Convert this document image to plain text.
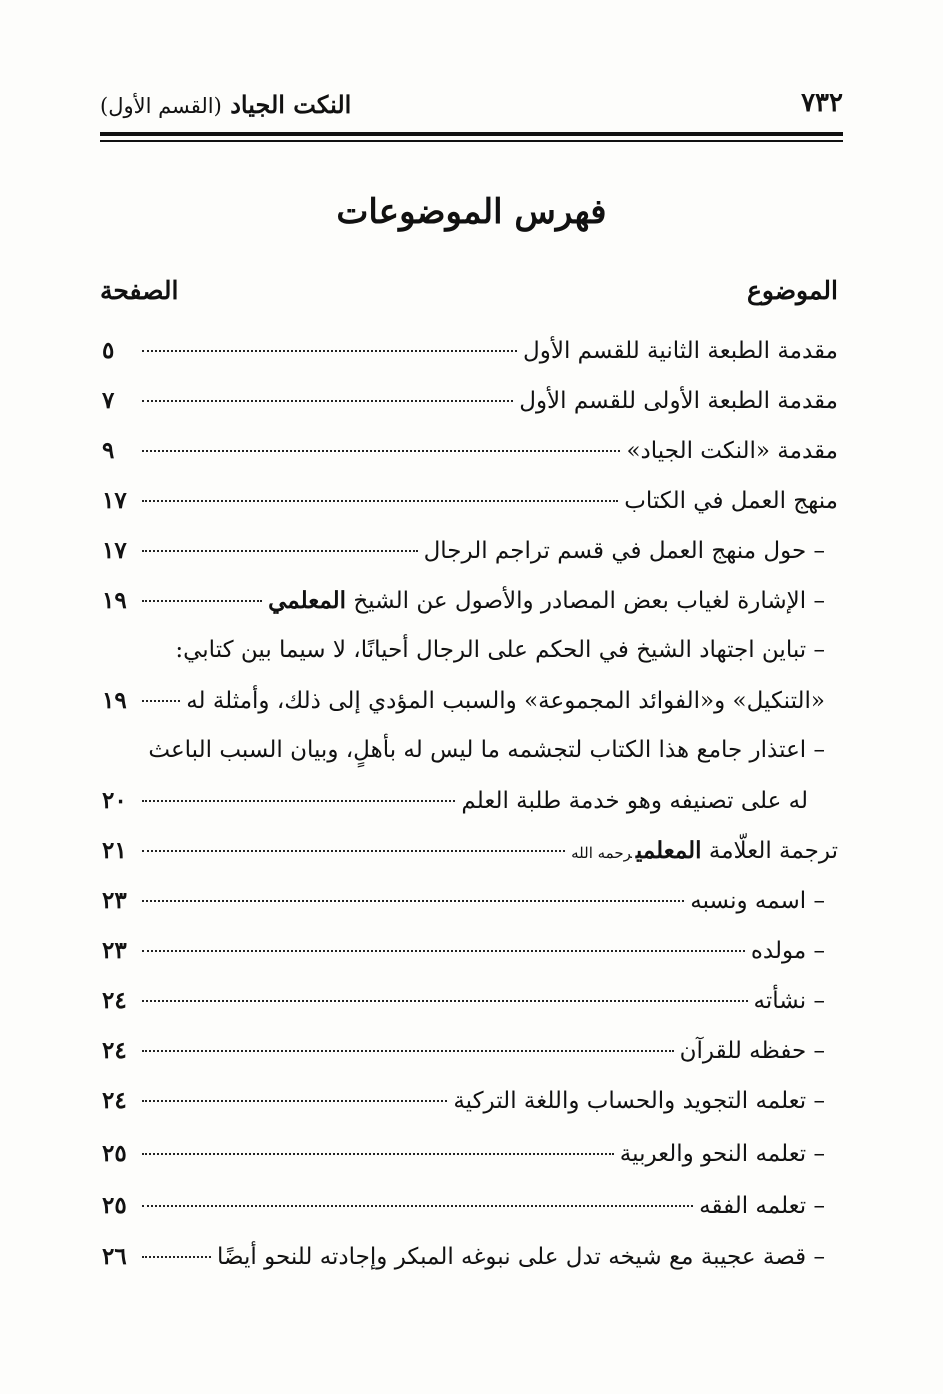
٧٣٢
النكت الجياد (القسم الأول)
فهرس الموضوعات
الموضوع
الصفحة
مقدمة الطبعة الثانية للقسم الأول
٥
مقدمة الطبعة الأولى للقسم الأول
٧
مقدمة «النكت الجياد»
٩
منهج العمل في الكتاب
١٧
– حول منهج العمل في قسم تراجم الرجال
١٧
– الإشارة لغياب بعض المصادر والأصول عن الشيخ المعلمي
١٩
– تباين اجتهاد الشيخ في الحكم على الرجال أحيانًا، لا سيما بين كتابي:
«التنكيل» و«الفوائد المجموعة» والسبب المؤدي إلى ذلك، وأمثلة له
١٩
– اعتذار جامع هذا الكتاب لتجشمه ما ليس له بأهلٍ، وبيان السبب الباعث
له على تصنيفه وهو خدمة طلبة العلم
٢٠
ترجمة العلّامة المعلميرحمه الله
٢١
– اسمه ونسبه
٢٣
– مولده
٢٣
– نشأته
٢٤
– حفظه للقرآن
٢٤
– تعلمه التجويد والحساب واللغة التركية
٢٤
– تعلمه النحو والعربية
٢٥
– تعلمه الفقه
٢٥
– قصة عجيبة مع شيخه تدل على نبوغه المبكر وإجادته للنحو أيضًا
٢٦
